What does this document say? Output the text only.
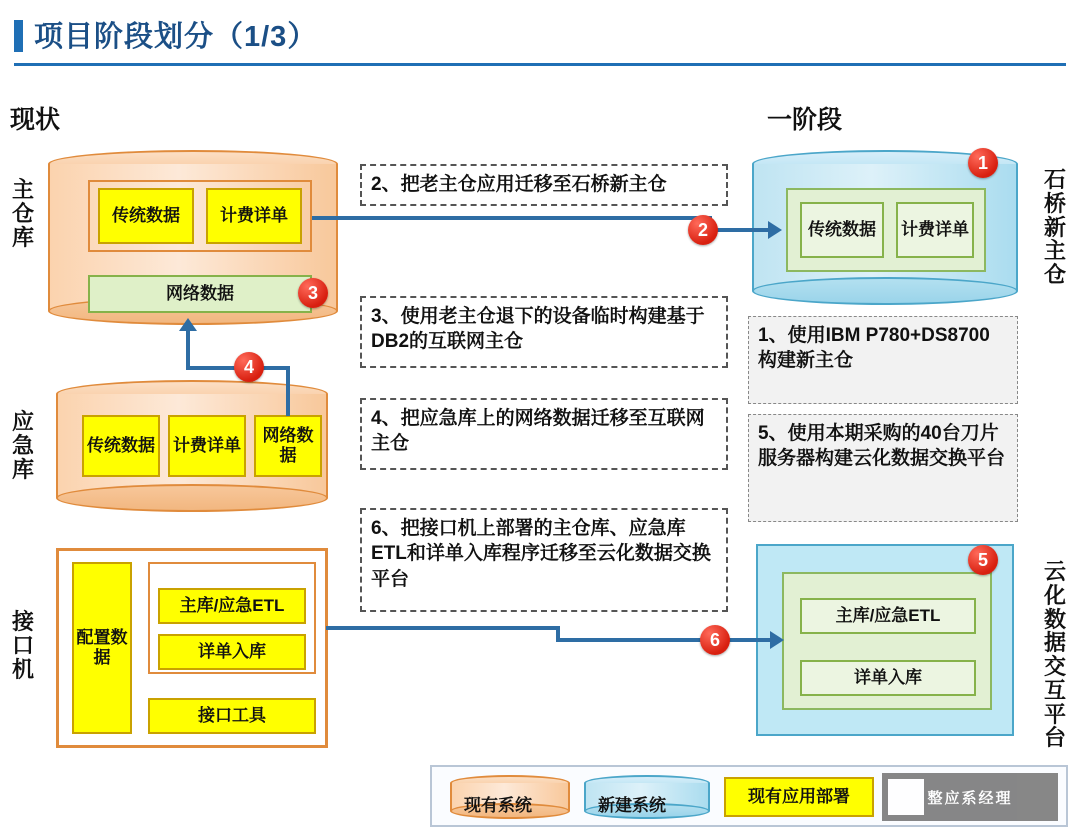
项目阶段划分（1/3）
现状	一阶段
主仓库
应急库
接口机
石桥新主仓
云化数据交互平台
传统数据	计费详单
网络数据	3
传统数据 计费详单
网络数据
4
配置数据
主库/应急ETL
详单入库
接口工具
传统数据	计费详单
1
2
主库/应急ETL
详单入库
5
6
2、把老主仓应用迁移至石桥新主仓
3、使用老主仓退下的设备临时构建基于DB2的互联网主仓
4、把应急库上的网络数据迁移至互联网主仓
6、把接口机上部署的主仓库、应急库ETL和详单入库程序迁移至云化数据交换平台
1、使用IBM P780+DS8700构建新主仓
5、使用本期采购的40台刀片服务器构建云化数据交换平台
现有系统	新建系统	现有应用部署	整应系经理
